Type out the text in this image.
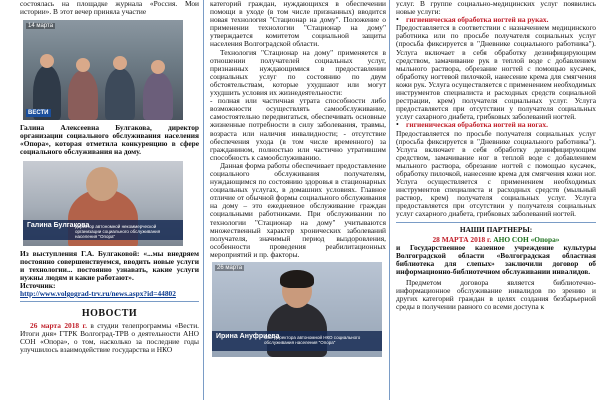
состоялась на площадке журнала «Россия. Мои истории». В этот вечер приняла участие

14 марта
ВЕСТИ

Галина Алексеевна Булгакова, директор организации социального обслуживания населения «Опора», которая отметила конкуренцию в сфере социального обслуживания на дому.

Галина Булгакова
директор автономной некоммерческой организации социального обслуживания населения "Опора"

Из выступления Г.А. Булгаковой: «...мы внедряем постоянно совершенствуемся, вводить новые услуги и технологии... постоянно узнавать, какие услуги нужны людям и какие работают».

Источник:

http://www.volgograd-trv.ru/news.aspx?id=44802

НОВОСТИ

26 марта 2018 г. в студии телепрограммы «Вести. Итоги дня» ГТРК Волгоград-ТРВ о деятельности АНО СОН «Опора», о том, насколько за последние годы улучшилось взаимодействие государства и НКО

категорий граждан, нуждающихся в обеспечении помощи в уходе (в том числе признанных) вводится новая технология "Стационар на дому". Положение о применении технологии "Стационар на дому" утверждается комитетом социальной защиты населения Волгоградской области.

Технология "Стационар на дому" применяется в отношении получателей социальных услуг, признанных нуждающимися в предоставлении социальных услуг по состоянию по двум обстоятельствам, которые ухудшают или могут ухудшить условия их жизнедеятельности:

- полная или частичная утрата способности либо возможности осуществлять самообслуживание, самостоятельно передвигаться, обеспечивать основные жизненные потребности в силу заболевания, травмы, возраста или наличия инвалидности; - отсутствие обеспечения ухода (в том числе временного) за гражданином, полностью или частично утратившим способность к самообслуживанию.

Данная форма работы обеспечивает предоставление социального обслуживания получателям, нуждающимся по состоянию здоровья в стационарных социальных услугах, в домашних условиях. Главное отличие от обычной формы социального обслуживания на дому – это ежедневное обслуживание граждан социальными работниками. При обслуживании по технологии "Стационар на дому" учитываются множественный характер хронических заболеваний получателя, значимый период выздоровления, особенности проведения реабилитационных мероприятий и пр. факторы.

26 марта
Ирина Ануфриева
зам. директора автономной НКО социального обслуживания населения "Опора"

услуг. В группе социально-медицинских услуг появились новые услуги:

• гигиеническая обработка ногтей на руках.

Предоставляется в соответствии с назначением медицинского работника или по просьбе получателя социальных услуг (просьба фиксируется в "Дневнике социального работника"). Услуга включает в себя обработку дезинфицирующим средством, замачивание рук в теплой воде с добавлением мыльного раствора, обрезание ногтей с помощью кусачек, обработку ногтевой пилочкой, нанесение крема для смягчения кожи рук. Услуга осуществляется с применением необходимых инструментов специалиста и расходных средств социальной рестрации, крем) получателя социальных услуг. Услуга предоставляется при отсутствии у получателя социальных услуг сахарного диабета, грибковых заболеваний ногтей.

• гигиеническая обработка ногтей на ногах.

Предоставляется по просьбе получателя социальных услуг (просьба фиксируется в "Дневнике социального работника"). Услуга включает в себя обработку дезинфицирующим средством, замачивание ног в теплой воде с добавлением мыльного раствора, обрезание ногтей с помощью кусачек, обработку пилочкой, нанесение крема для смягчения кожи ног. Услуга осуществляется с применением необходимых инструментов специалиста и расходных средств (мыльный раствор, крем) получателя социальных услуг. Услуга предоставляется при отсутствии у получателя социальных услуг сахарного диабета, грибковых заболеваний ногтей.

НАШИ ПАРТНЕРЫ:
28 МАРТА 2018 г. АНО СОН «Опора»

и Государственное казенное учреждение культуры Волгоградской области «Волгоградская областная библиотека для слепых» заключили договор об информационно-библиотечном обслуживании инвалидов.

Предметом договора является библиотечно-информационное обслуживание инвалидов по зрению и других категорий граждан в целях создания безбарьерной среды в получении равного со всеми доступа к
